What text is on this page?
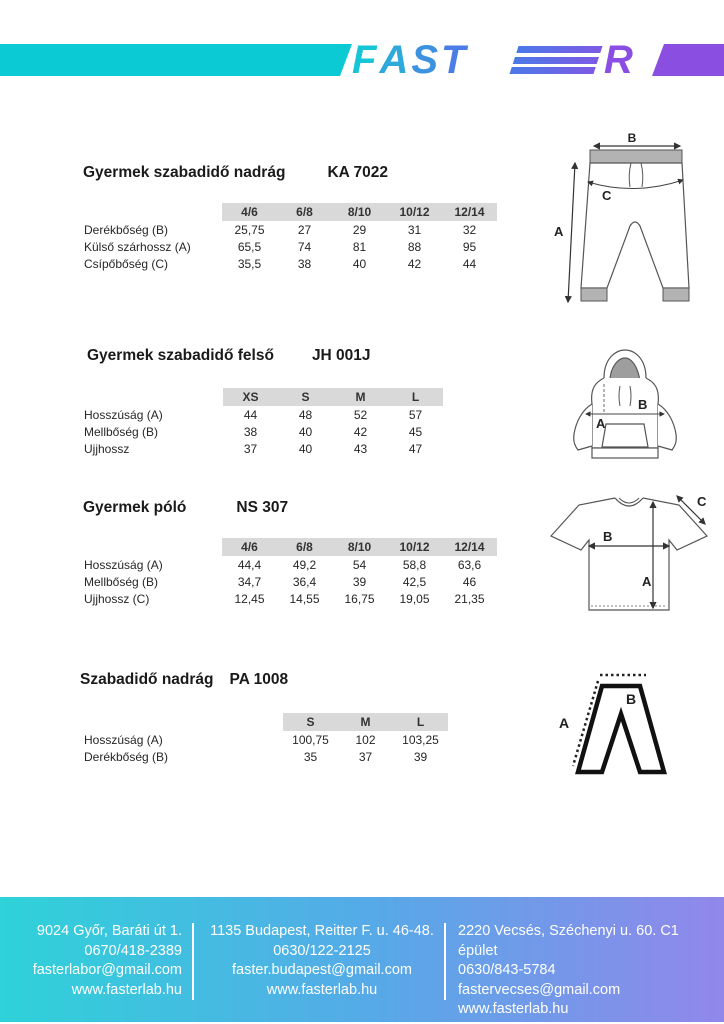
FAST	R
Gyermek szabadidő nadrág	KA 7022
Gyermek szabadidő felső JH 001J
Gyermek póló	NS 307
Szabadidő nadrág PA 1008
4/6	6/8	8/10	10/12	12/14
Derékbőség (B)	25,75	27	29	31	32
Külső szárhossz (A)	65,5	74	81	88	95
Csípőbőség (C)	35,5	38	40	42	44
XS	S	M	L
Hosszúság (A)	44	48	52	57
Mellbőség (B)	38	40	42	45
Ujjhossz	37	40	43	47
4/6	6/8	8/10	10/12	12/14
Hosszúság (A)	44,4	49,2	54	58,8	63,6
Mellbőség (B)	34,7	36,4	39	42,5	46
Ujjhossz (C)	12,45	14,55	16,75	19,05	21,35
S	M	L
Hosszúság (A)	100,75	102	103,25
Derékbőség (B)	35	37	39
B
C
A
A
B
B
A
C
A
B
9024 Győr, Baráti út 1.
0670/418-2389
fasterlabor@gmail.com
www.fasterlab.hu
1135 Budapest, Reitter F. u. 46-48.
0630/122-2125
faster.budapest@gmail.com
www.fasterlab.hu
2220 Vecsés, Széchenyi u. 60. C1 épület
0630/843-5784
fastervecses@gmail.com
www.fasterlab.hu
